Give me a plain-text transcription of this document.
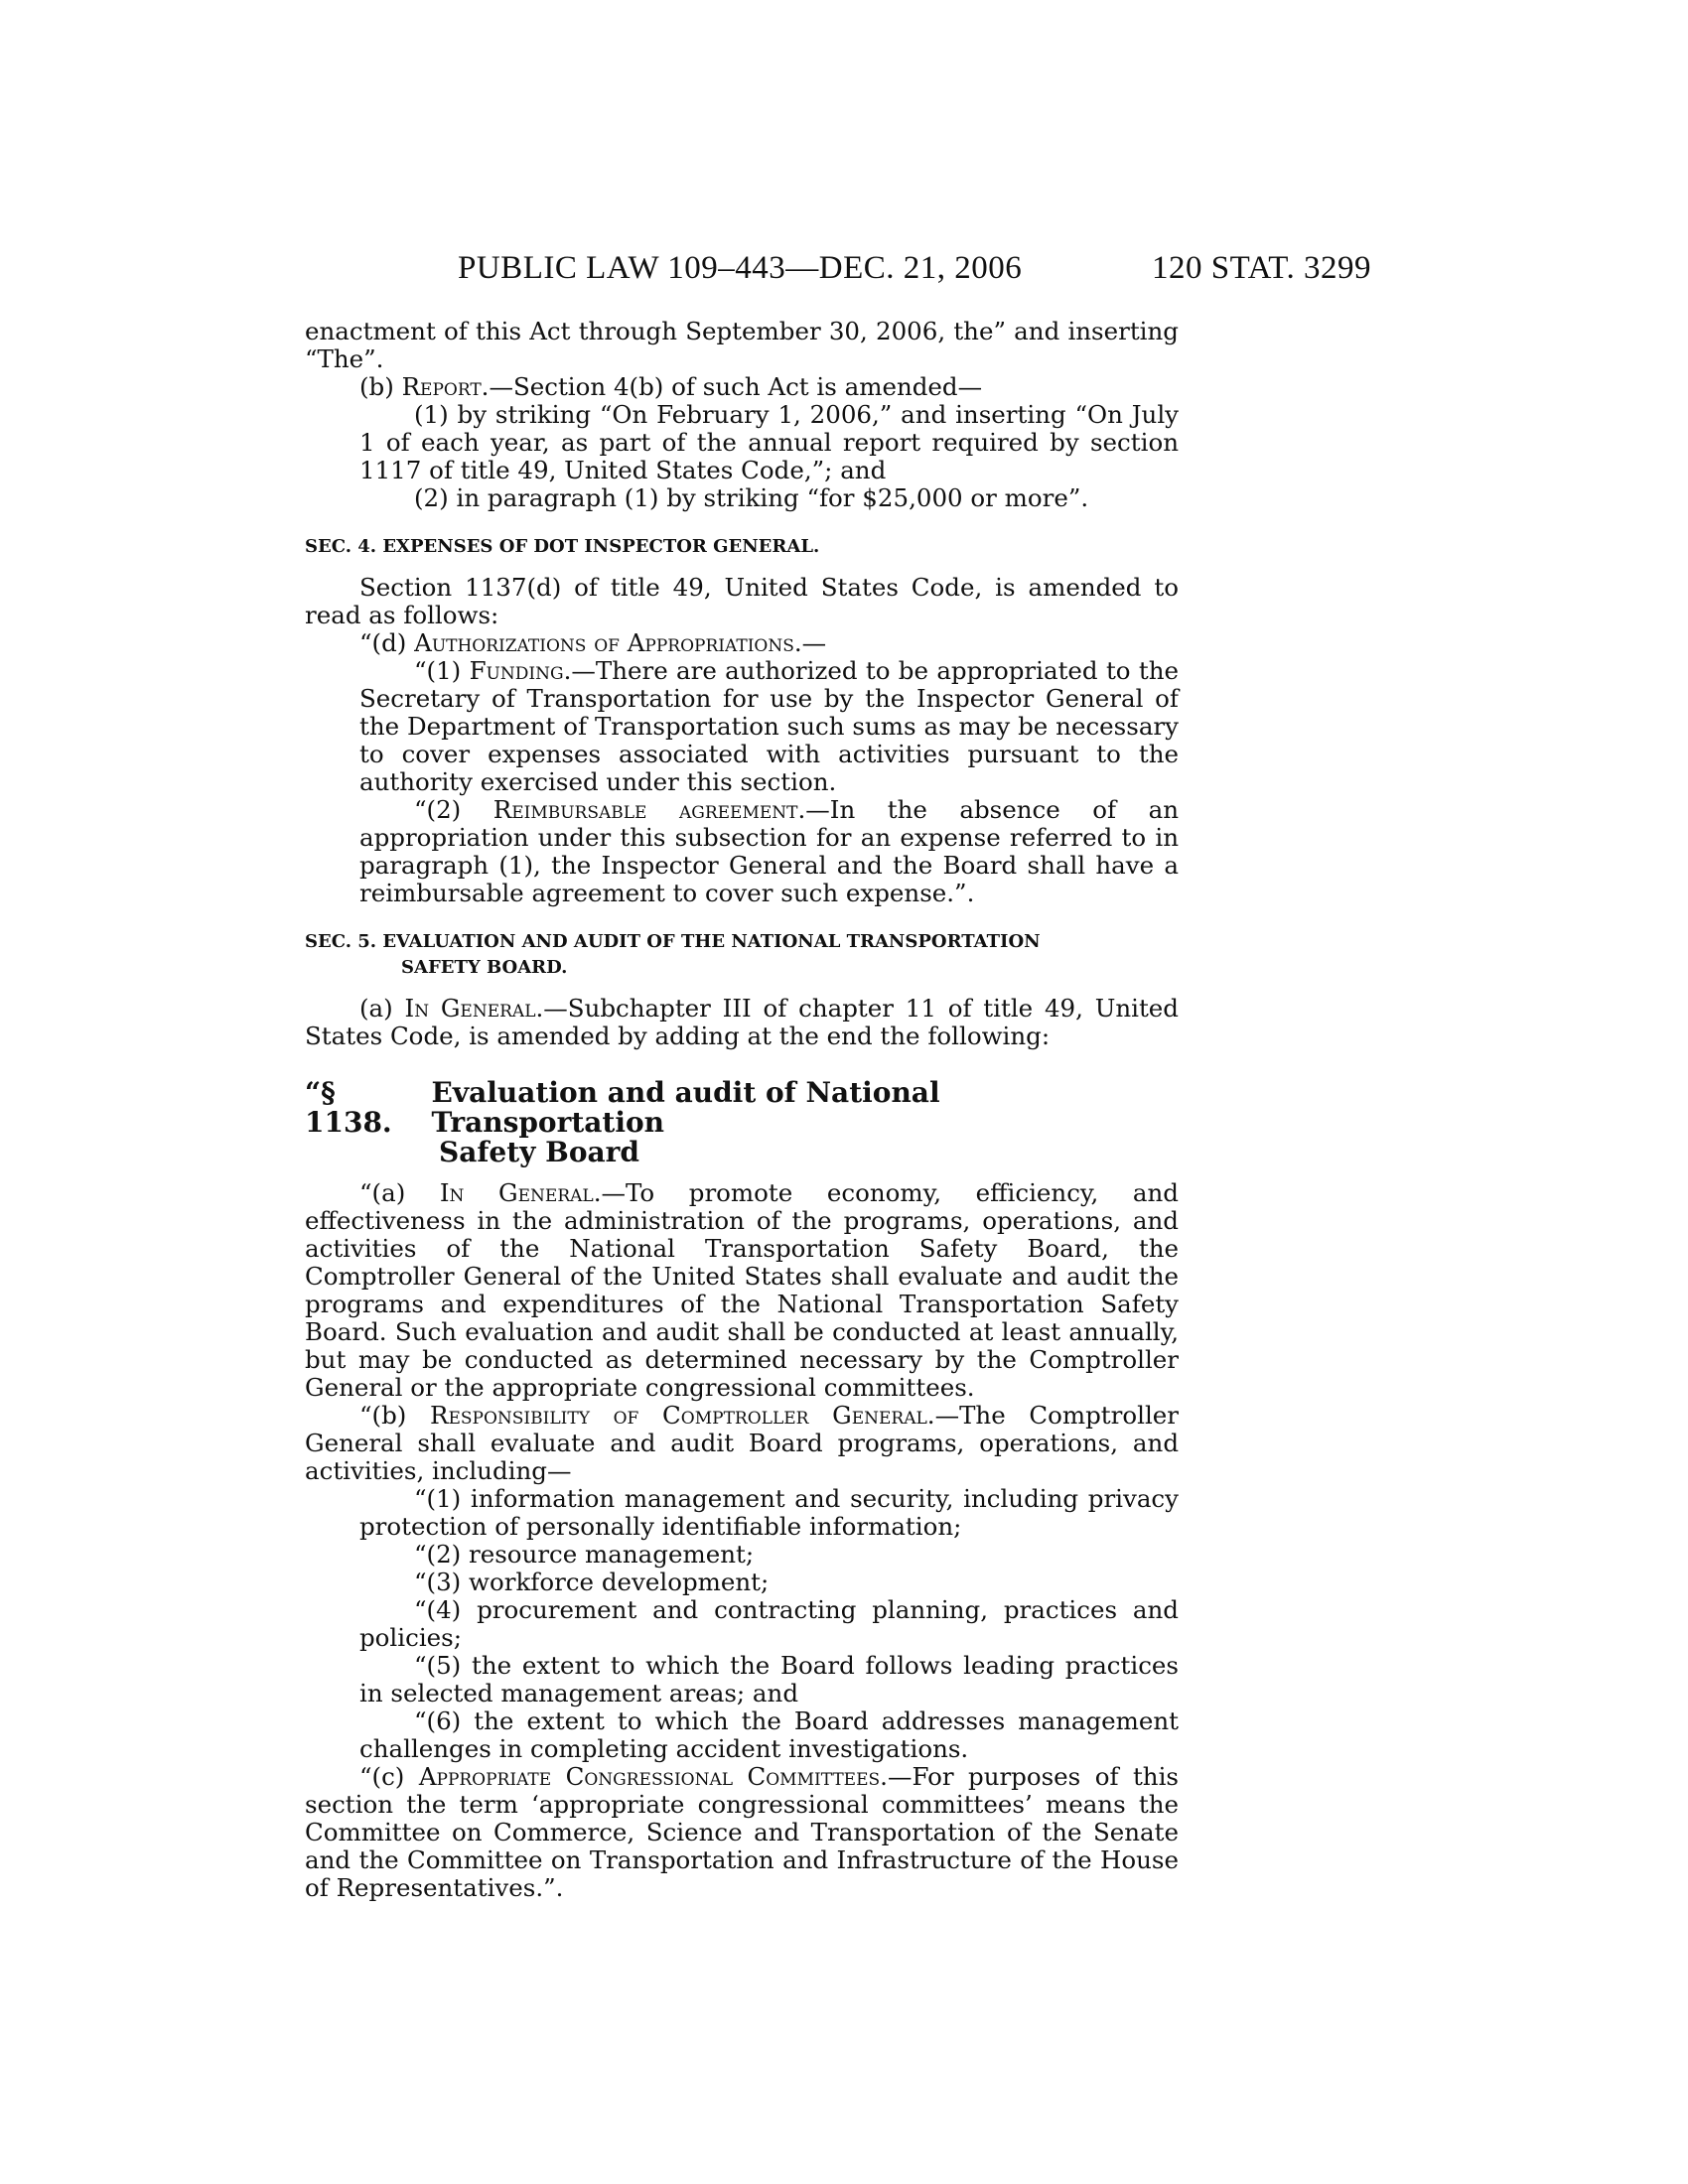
PUBLIC LAW 109–443—DEC. 21, 2006	120 STAT. 3299

enactment of this Act through September 30, 2006, the” and inserting “The”.

(b) Report.—Section 4(b) of such Act is amended—

(1) by striking “On February 1, 2006,” and inserting “On July 1 of each year, as part of the annual report required by section 1117 of title 49, United States Code,”; and

(2) in paragraph (1) by striking “for $25,000 or more”.

SEC. 4. EXPENSES OF DOT INSPECTOR GENERAL.

Section 1137(d) of title 49, United States Code, is amended to read as follows:

“(d) Authorizations of Appropriations.—

“(1) Funding.—There are authorized to be appropriated to the Secretary of Transportation for use by the Inspector General of the Department of Transportation such sums as may be necessary to cover expenses associated with activities pursuant to the authority exercised under this section.

“(2) Reimbursable agreement.—In the absence of an appropriation under this subsection for an expense referred to in paragraph (1), the Inspector General and the Board shall have a reimbursable agreement to cover such expense.”.

SEC. 5. EVALUATION AND AUDIT OF THE NATIONAL TRANSPORTATION
SAFETY BOARD.

(a) In General.—Subchapter III of chapter 11 of title 49, United States Code, is amended by adding at the end the following:

“§ 1138.
Evaluation and audit of National Transportation
Safety Board

“(a) In General.—To promote economy, efficiency, and effectiveness in the administration of the programs, operations, and activities of the National Transportation Safety Board, the Comptroller General of the United States shall evaluate and audit the programs and expenditures of the National Transportation Safety Board. Such evaluation and audit shall be conducted at least annually, but may be conducted as determined necessary by the Comptroller General or the appropriate congressional committees.

“(b) Responsibility of Comptroller General.—The Comptroller General shall evaluate and audit Board programs, operations, and activities, including—

“(1) information management and security, including privacy protection of personally identifiable information;

“(2) resource management;

“(3) workforce development;

“(4) procurement and contracting planning, practices and policies;

“(5) the extent to which the Board follows leading practices in selected management areas; and

“(6) the extent to which the Board addresses management challenges in completing accident investigations.

“(c) Appropriate Congressional Committees.—For purposes of this section the term ‘appropriate congressional committees’ means the Committee on Commerce, Science and Transportation of the Senate and the Committee on Transportation and Infrastructure of the House of Representatives.”.
